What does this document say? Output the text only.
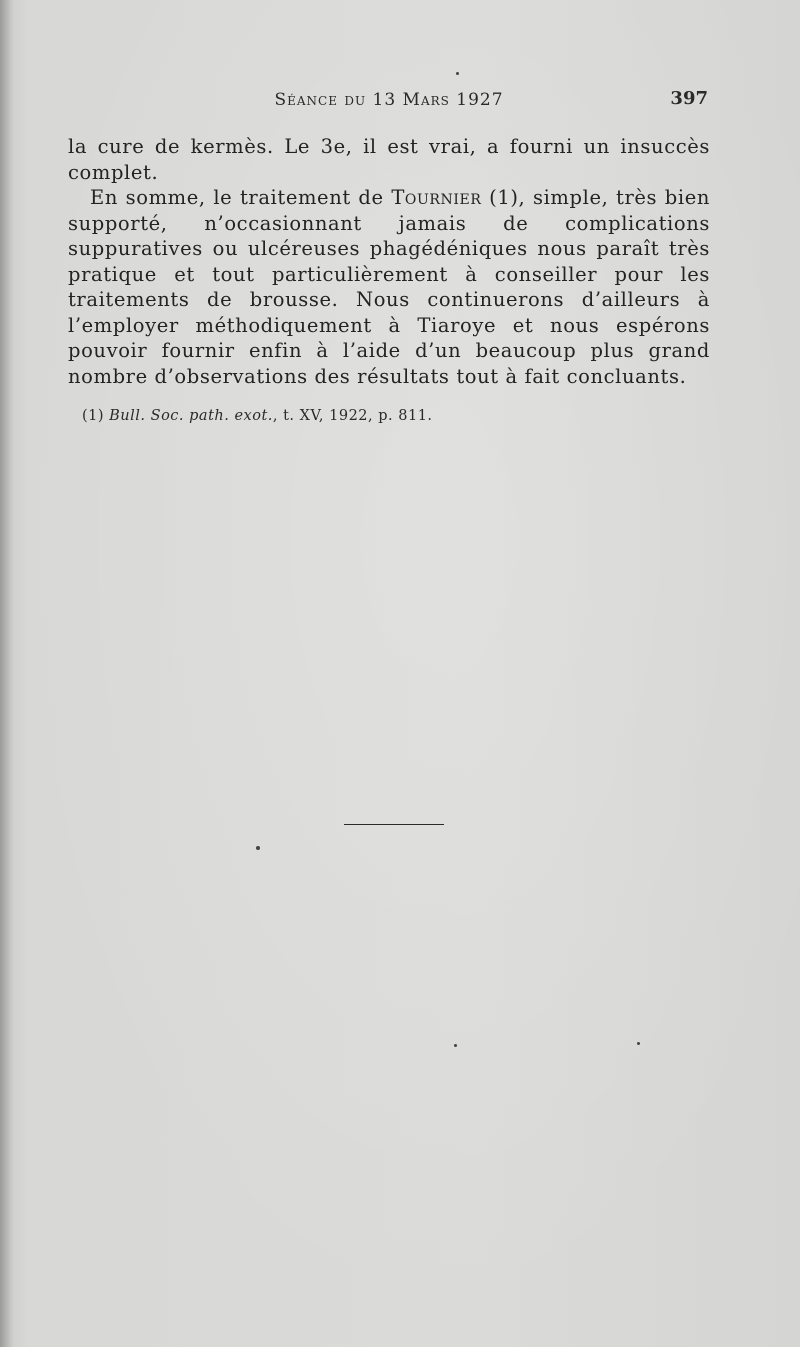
Séance du 13 Mars 1927	397

la cure de kermès. Le 3e, il est vrai, a fourni un insuccès complet.

En somme, le traitement de Tournier (1), simple, très bien supporté, n’occasionnant jamais de complications suppuratives ou ulcéreuses phagédéniques nous paraît très pratique et tout particulièrement à conseiller pour les traitements de brousse. Nous continuerons d’ailleurs à l’employer méthodiquement à Tiaroye et nous espérons pouvoir fournir enfin à l’aide d’un beaucoup plus grand nombre d’observations des résultats tout à fait concluants.

(1) Bull. Soc. path. exot., t. XV, 1922, p. 811.
